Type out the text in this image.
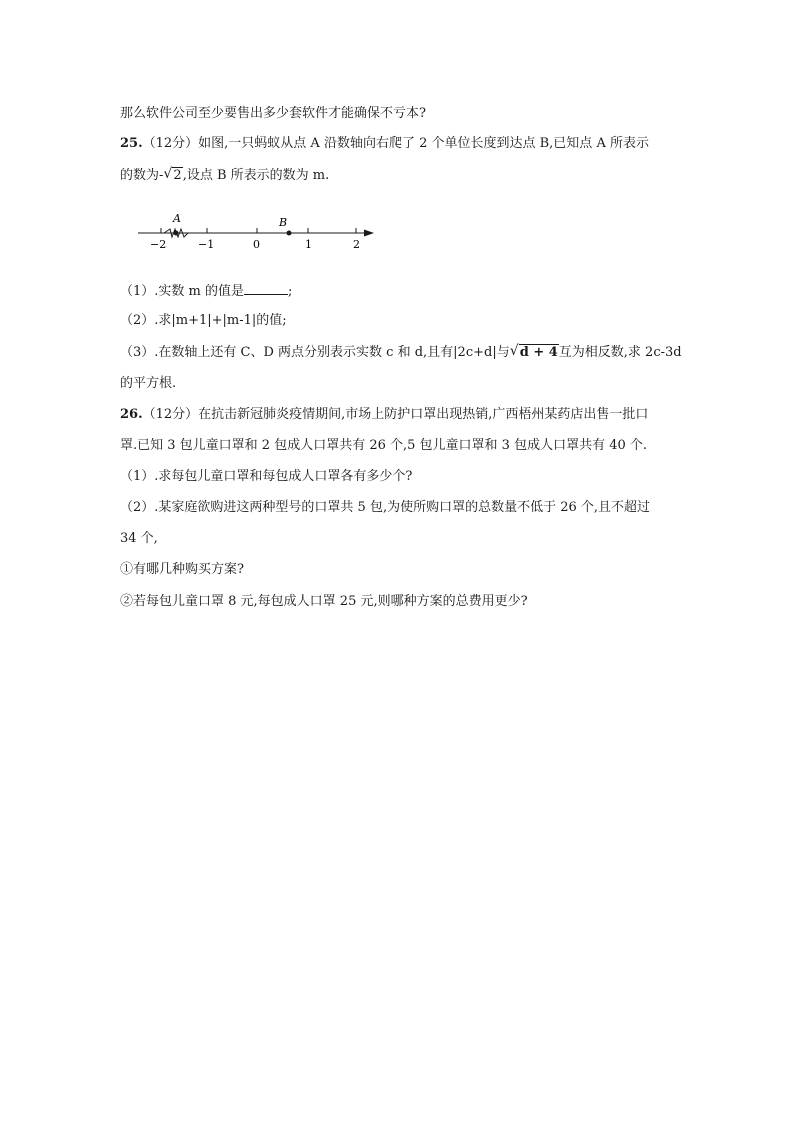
那么软件公司至少要售出多少套软件才能确保不亏本?
25.（12分）如图,一只蚂蚁从点 A 沿数轴向右爬了 2 个单位长度到达点 B,已知点 A 所表示
的数为- √ 2,设点 B 所表示的数为 m.
A	B
−2	−1	0	1	2
（1）.实数 m 的值是	;
（2）.求|m+1|+|m-1|的值;
（3）.在数轴上还有 C、D 两点分别表示实数 c 和 d,且有|2c+d|与 √ d + 4互为相反数,求 2c-3d
的平方根.
26.（12分）在抗击新冠肺炎疫情期间,市场上防护口罩出现热销,广西梧州某药店出售一批口
罩.已知 3 包儿童口罩和 2 包成人口罩共有 26 个,5 包儿童口罩和 3 包成人口罩共有 40 个.
（1）.求每包儿童口罩和每包成人口罩各有多少个?
（2）.某家庭欲购进这两种型号的口罩共 5 包,为使所购口罩的总数量不低于 26 个,且不超过
34 个,
①有哪几种购买方案?
②若每包儿童口罩 8 元,每包成人口罩 25 元,则哪种方案的总费用更少?
